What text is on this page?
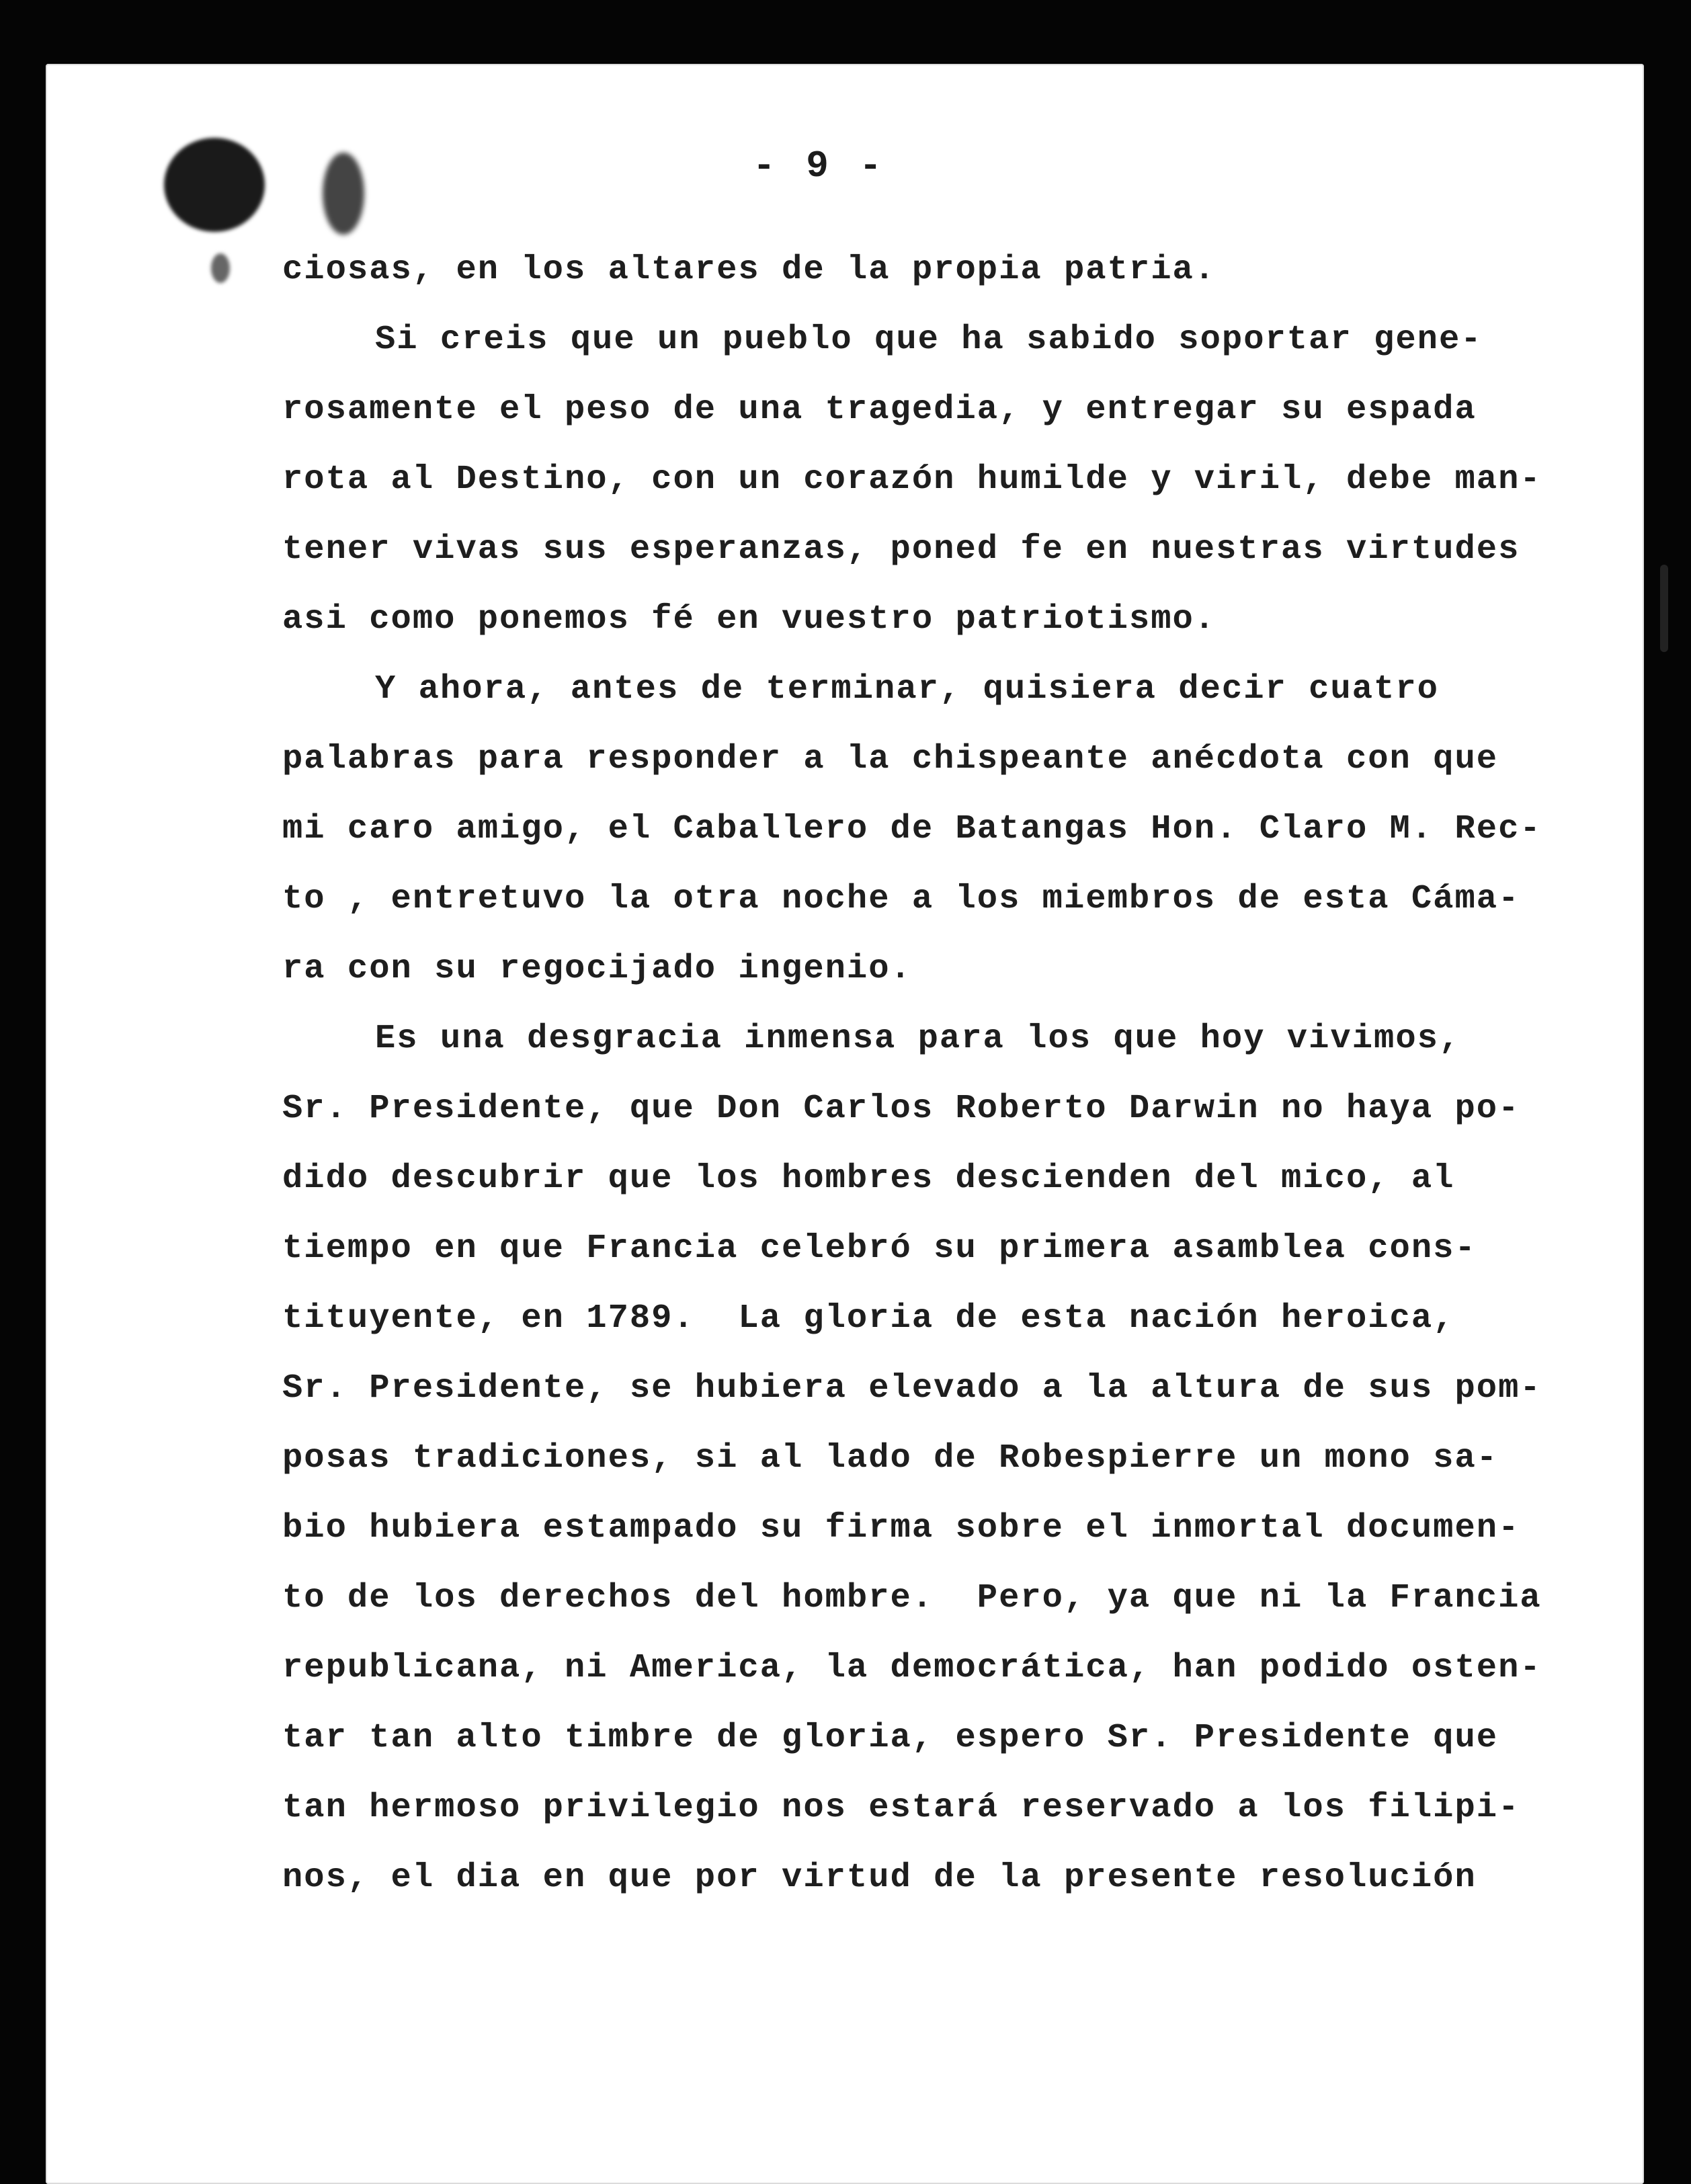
- 9 -
ciosas, en los altares de la propia patria.
Si creis que un pueblo que ha sabido soportar gene-
rosamente el peso de una tragedia, y entregar su espada
rota al Destino, con un corazón humilde y viril, debe man-
tener vivas sus esperanzas, poned fe en nuestras virtudes
asi como ponemos fé en vuestro patriotismo.
Y ahora, antes de terminar, quisiera decir cuatro
palabras para responder a la chispeante anécdota con que
mi caro amigo, el Caballero de Batangas Hon. Claro M. Rec-
to , entretuvo la otra noche a los miembros de esta Cáma-
ra con su regocijado ingenio.
Es una desgracia inmensa para los que hoy vivimos,
Sr. Presidente, que Don Carlos Roberto Darwin no haya po-
dido descubrir que los hombres descienden del mico, al
tiempo en que Francia celebró su primera asamblea cons-
tituyente, en 1789.  La gloria de esta nación heroica,
Sr. Presidente, se hubiera elevado a la altura de sus pom-
posas tradiciones, si al lado de Robespierre un mono sa-
bio hubiera estampado su firma sobre el inmortal documen-
to de los derechos del hombre.  Pero, ya que ni la Francia
republicana, ni America, la democrática, han podido osten-
tar tan alto timbre de gloria, espero Sr. Presidente que
tan hermoso privilegio nos estará reservado a los filipi-
nos, el dia en que por virtud de la presente resolución
